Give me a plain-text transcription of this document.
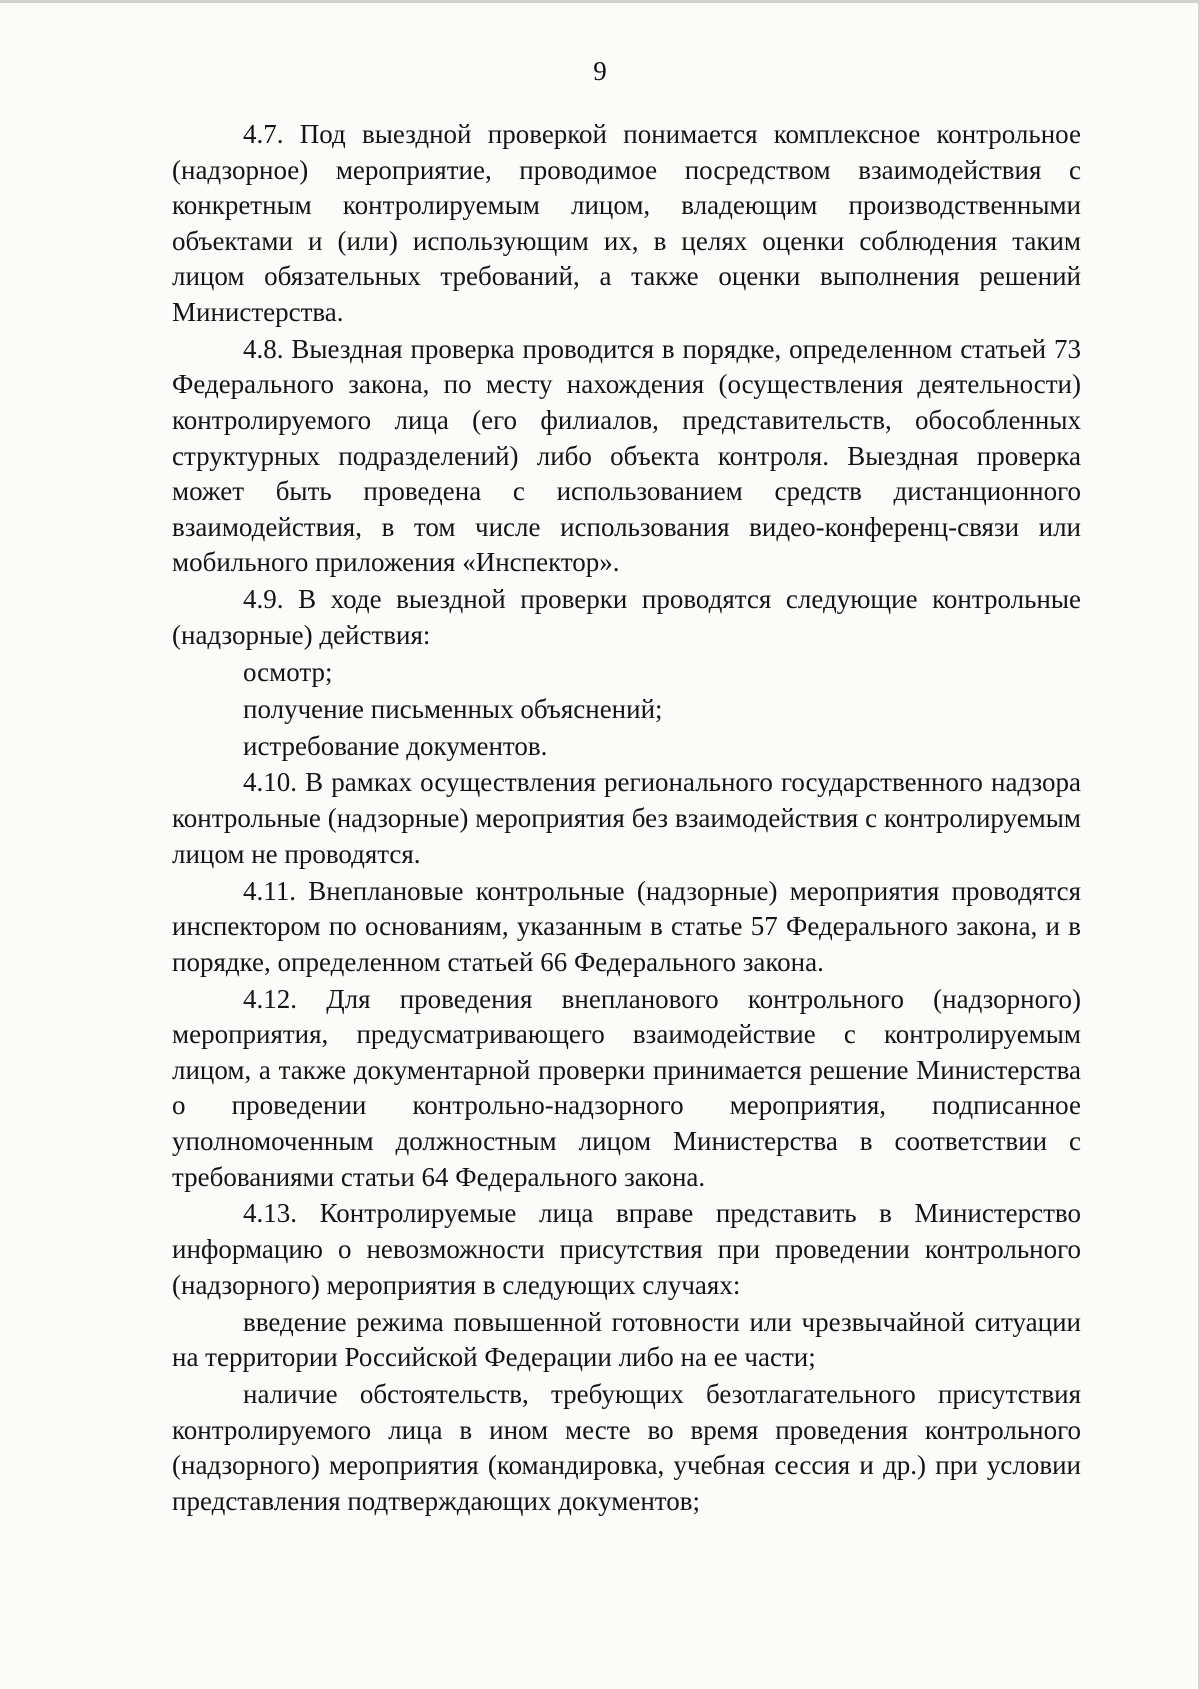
9

4.7. Под выездной проверкой понимается комплексное контрольное (надзорное) мероприятие, проводимое посредством взаимодействия с конкретным контролируемым лицом, владеющим производственными объектами и (или) использующим их, в целях оценки соблюдения таким лицом обязательных требований, а также оценки выполнения решений Министерства.

4.8. Выездная проверка проводится в порядке, определенном статьей 73 Федерального закона, по месту нахождения (осуществления деятельности) контролируемого лица (его филиалов, представительств, обособленных структурных подразделений) либо объекта контроля. Выездная проверка может быть проведена с использованием средств дистанционного взаимодействия, в том числе использования видео-конференц-связи или мобильного приложения «Инспектор».

4.9. В ходе выездной проверки проводятся следующие контрольные (надзорные) действия:

осмотр;

получение письменных объяснений;

истребование документов.

4.10. В рамках осуществления регионального государственного надзора контрольные (надзорные) мероприятия без взаимодействия с контролируемым лицом не проводятся.

4.11. Внеплановые контрольные (надзорные) мероприятия проводятся инспектором по основаниям, указанным в статье 57 Федерального закона, и в порядке, определенном статьей 66 Федерального закона.

4.12. Для проведения внепланового контрольного (надзорного) мероприятия, предусматривающего взаимодействие с контролируемым лицом, а также документарной проверки принимается решение Министерства о проведении контрольно-надзорного мероприятия, подписанное уполномоченным должностным лицом Министерства в соответствии с требованиями статьи 64 Федерального закона.

4.13. Контролируемые лица вправе представить в Министерство информацию о невозможности присутствия при проведении контрольного (надзорного) мероприятия в следующих случаях:

введение режима повышенной готовности или чрезвычайной ситуации на территории Российской Федерации либо на ее части;

наличие обстоятельств, требующих безотлагательного присутствия контролируемого лица в ином месте во время проведения контрольного (надзорного) мероприятия (командировка, учебная сессия и др.) при условии представления подтверждающих документов;
